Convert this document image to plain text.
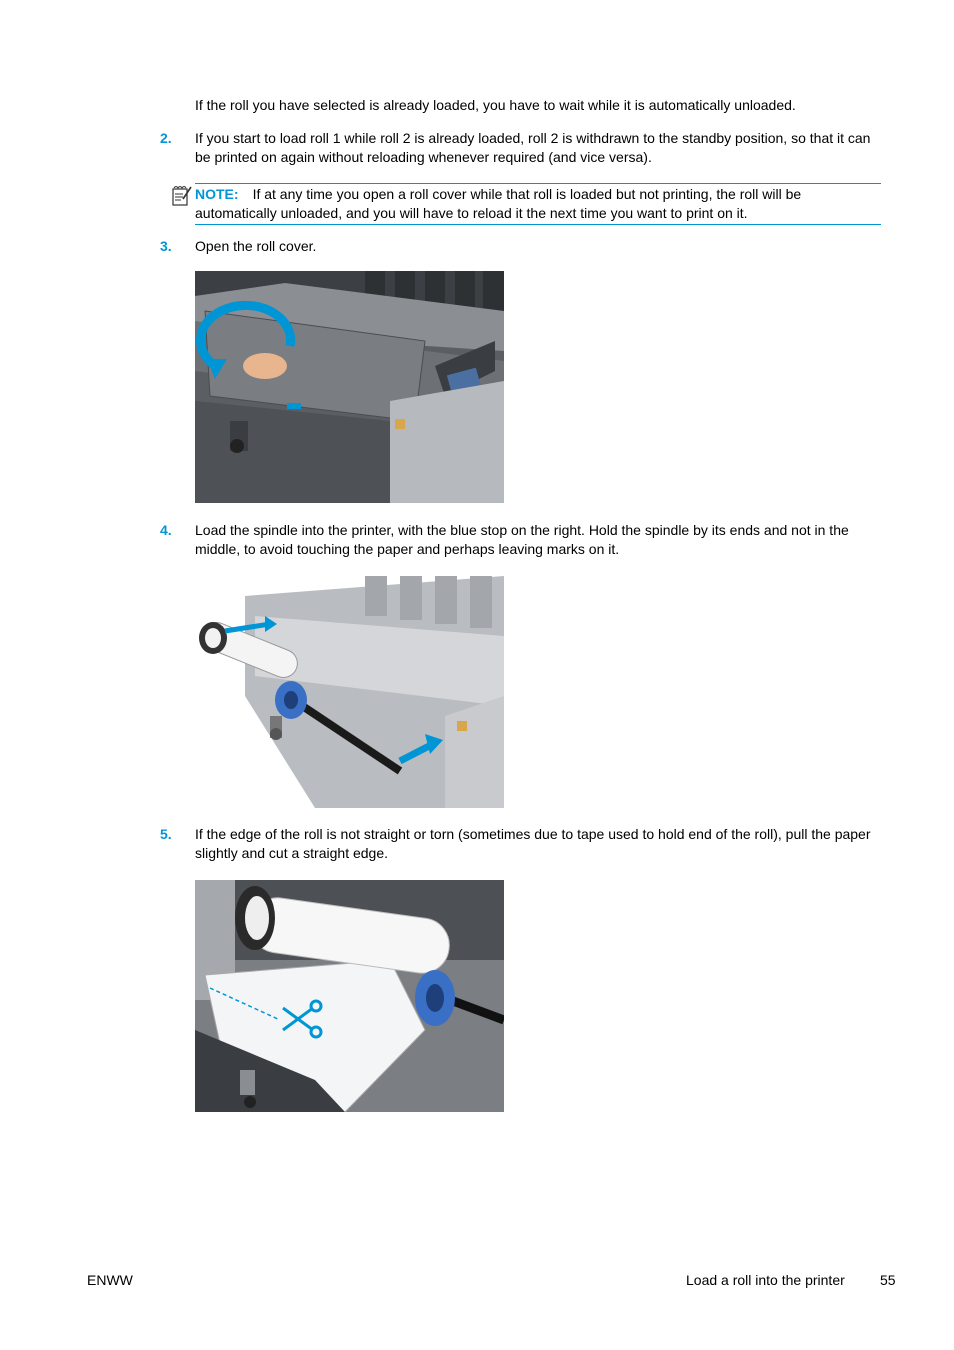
If the roll you have selected is already loaded, you have to wait while it is automatically unloaded.
2. If you start to load roll 1 while roll 2 is already loaded, roll 2 is withdrawn to the standby position, so that it can be printed on again without reloading whenever required (and vice versa).
NOTE: If at any time you open a roll cover while that roll is loaded but not printing, the roll will be automatically unloaded, and you will have to reload it the next time you want to print on it.
3. Open the roll cover.
4. Load the spindle into the printer, with the blue stop on the right. Hold the spindle by its ends and not in the middle, to avoid touching the paper and perhaps leaving marks on it.
5. If the edge of the roll is not straight or torn (sometimes due to tape used to hold end of the roll), pull the paper slightly and cut a straight edge.
ENWW	Load a roll into the printer	55
